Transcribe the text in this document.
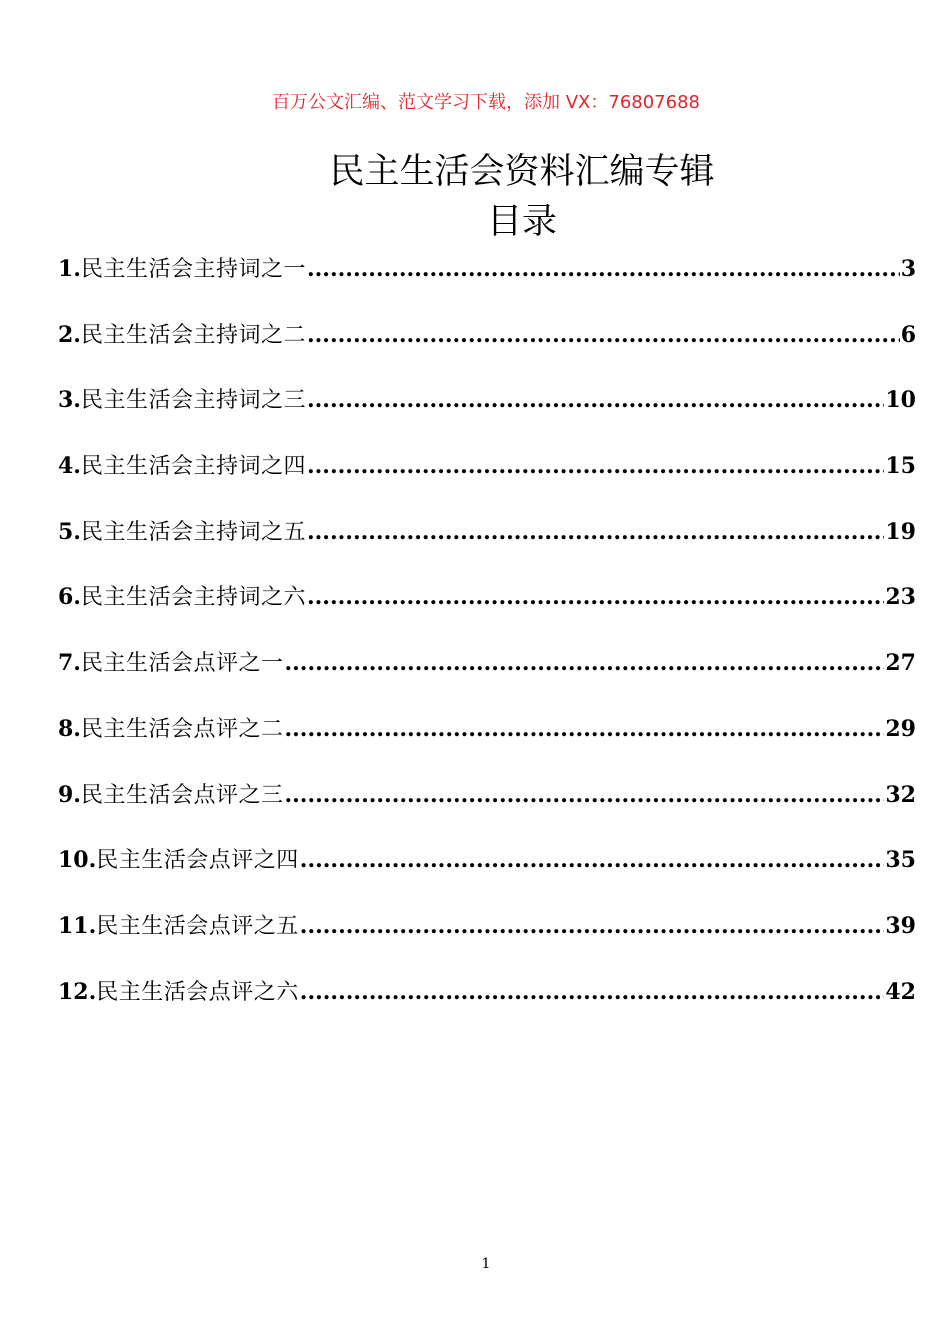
百万公文汇编、范文学习下载，添加 VX：76807688
民主生活会资料汇编专辑
目录
1. 民主生活会主持词之一 .....	3
2. 民主生活会主持词之二 .....	6
3. 民主生活会主持词之三 .....	10
4. 民主生活会主持词之四 .....	15
5. 民主生活会主持词之五 .....	19
6. 民主生活会主持词之六 .....	23
7. 民主生活会点评之一 .....	27
8. 民主生活会点评之二 .....	29
9. 民主生活会点评之三 .....	32
10. 民主生活会点评之四 .....	35
11. 民主生活会点评之五 .....	39
12. 民主生活会点评之六 .....	42
1
